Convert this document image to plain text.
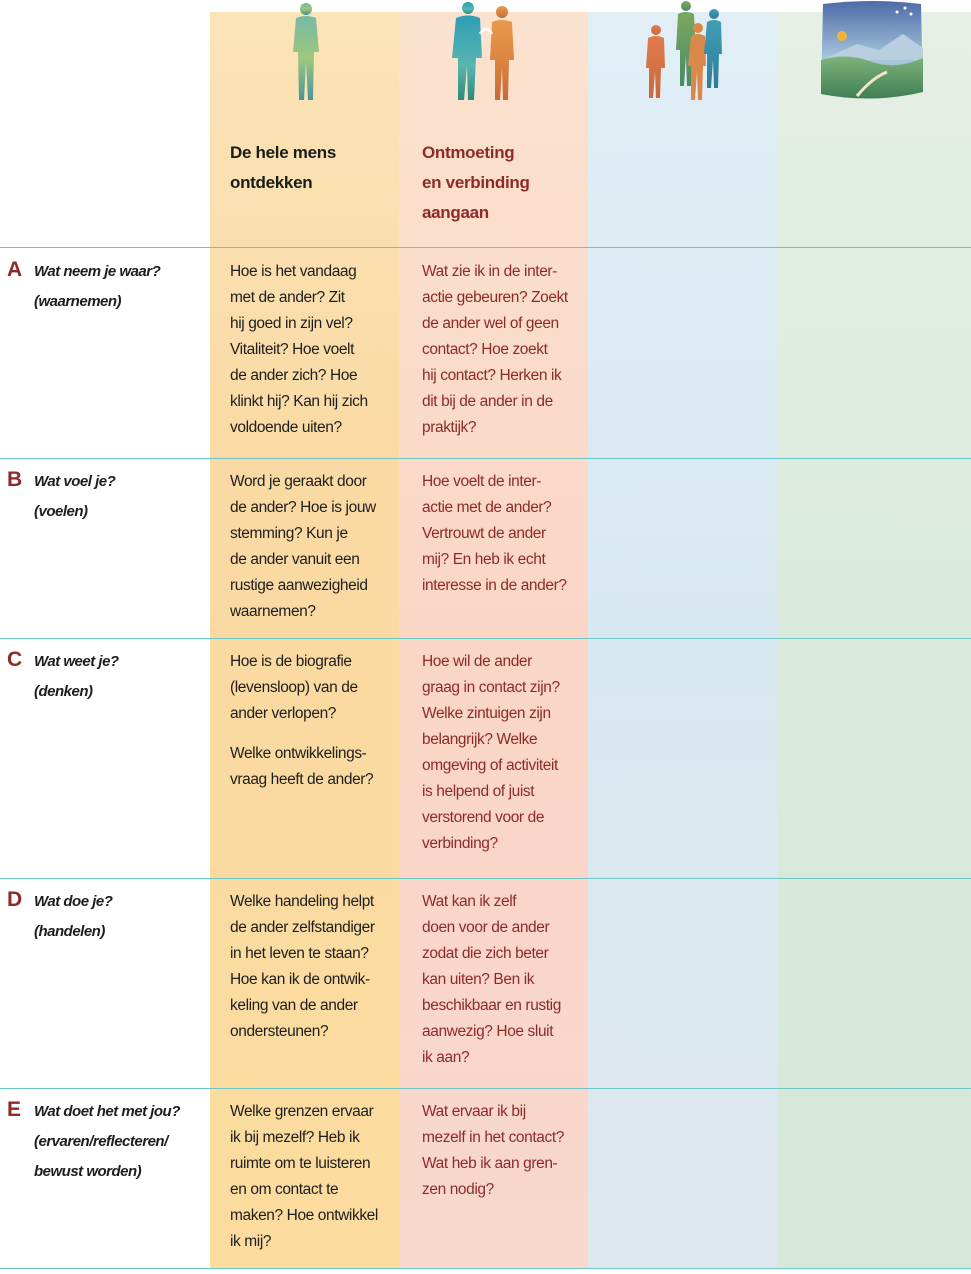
De hele mens
ontdekken
Ontmoeting
en verbinding
aangaan
A Wat neem je waar?
(waarnemen)
Hoe is het vandaag
met de ander? Zit
hij goed in zijn vel?
Vitaliteit? Hoe voelt
de ander zich? Hoe
klinkt hij? Kan hij zich
voldoende uiten?
Wat zie ik in de inter-
actie gebeuren? Zoekt
de ander wel of geen
contact? Hoe zoekt
hij contact? Herken ik
dit bij de ander in de
praktijk?
B Wat voel je?
(voelen)
Word je geraakt door
de ander? Hoe is jouw
stemming? Kun je
de ander vanuit een
rustige aanwezigheid
waarnemen?
Hoe voelt de inter-
actie met de ander?
Vertrouwt de ander
mij? En heb ik echt
interesse in de ander?
C Wat weet je?
(denken)
Hoe is de biografie
(levensloop) van de
ander verlopen?
Welke ontwikkelings-
vraag heeft de ander?
Hoe wil de ander
graag in contact zijn?
Welke zintuigen zijn
belangrijk? Welke
omgeving of activiteit
is helpend of juist
verstorend voor de
verbinding?
D Wat doe je?
(handelen)
Welke handeling helpt
de ander zelfstandiger
in het leven te staan?
Hoe kan ik de ontwik-
keling van de ander
ondersteunen?
Wat kan ik zelf
doen voor de ander
zodat die zich beter
kan uiten? Ben ik
beschikbaar en rustig
aanwezig? Hoe sluit
ik aan?
E Wat doet het met jou?
(ervaren/reflecteren/
bewust worden)
Welke grenzen ervaar
ik bij mezelf? Heb ik
ruimte om te luisteren
en om contact te
maken? Hoe ontwikkel
ik mij?
Wat ervaar ik bij
mezelf in het contact?
Wat heb ik aan gren-
zen nodig?
